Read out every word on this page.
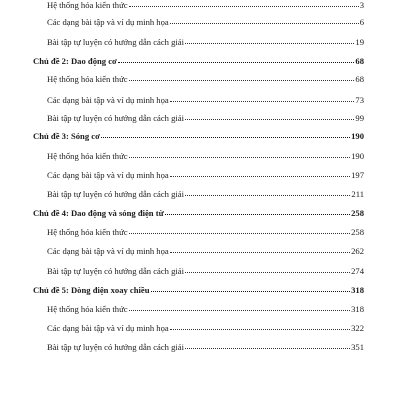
Hệ thống hóa kiến thức	3
Các dạng bài tập và ví dụ minh họa	6
Bài tập tự luyện có hướng dẫn cách giải	19
Chủ đề 2: Dao động cơ	68
Hệ thống hóa kiến thức	68
Các dạng bài tập và ví dụ minh họa	73
Bài tập tự luyện có hướng dẫn cách giải	99
Chủ đề 3: Sóng cơ	190
Hệ thống hóa kiến thức	190
Các dạng bài tập và ví dụ minh họa	197
Bài tập tự luyện có hướng dẫn cách giải	211
Chủ đề 4: Dao động và sóng điện từ	258
Hệ thống hóa kiến thức	258
Các dạng bài tập và ví dụ minh họa	262
Bài tập tự luyện có hướng dẫn cách giải	274
Chủ đề 5: Dòng điện xoay chiều	318
Hệ thống hóa kiến thức	318
Các dạng bài tập và ví dụ minh họa	322
Bài tập tự luyện có hướng dẫn cách giải	351
